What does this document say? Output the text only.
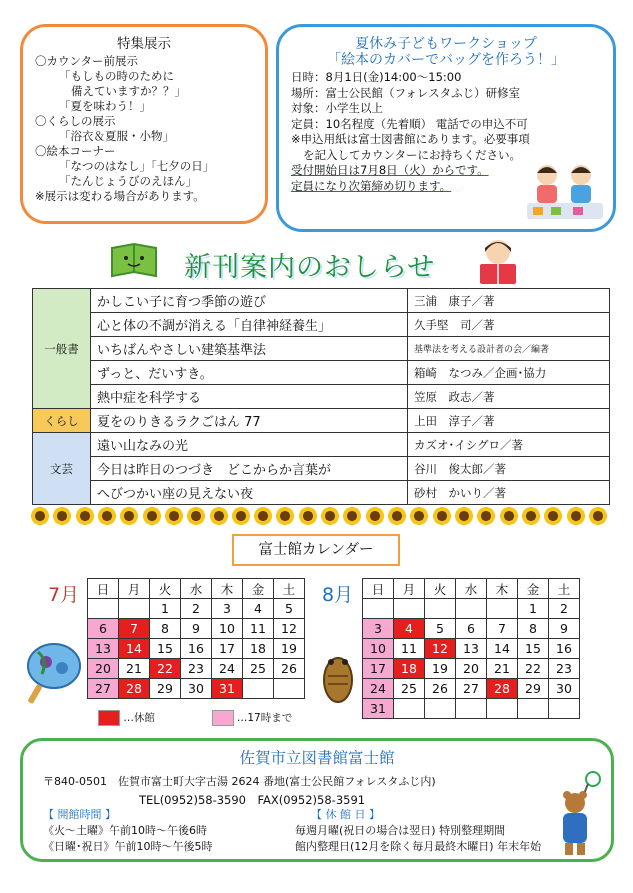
特集展示
〇カウンター前展示
「もしもの時のために
備えていますか？？」
「夏を味わう！」
〇くらしの展示
「浴衣＆夏服・小物」
〇絵本コーナー
「なつのはなし」「七夕の日」
「たんじょうびのえほん」
※展示は変わる場合があります。
夏休み子どもワークショップ
「絵本のカバーでバッグを作ろう！」
日時：8月1日(金)14:00～15:00
場所：富士公民館（フォレスタふじ）研修室
対象：小学生以上
定員：10名程度（先着順） 電話での申込不可
※申込用紙は富士図書館にあります。必要事項
を記入してカウンターにお持ちください。
受付開始日は7月8日（火）からです。
定員になり次第締め切ります。
新刊案内のおしらせ
一般書	かしこい子に育つ季節の遊び	三浦　康子／著
	心と体の不調が消える「自律神経養生」	久手堅　司／著
	いちばんやさしい建築基準法	基準法を考える設計者の会／編著
	ずっと、だいすき。	箱崎　なつみ／企画･協力
	熱中症を科学する	笠原　政志／著
くらし	夏をのりきるラクごはん 77	上田　淳子／著
文芸	遠い山なみの光	カズオ･イシグロ／著
	今日は昨日のつづき　どこからか言葉が	谷川　俊太郎／著
	へびつかい座の見えない夜	砂村　かいり／著
富士館カレンダー
7月	8月
日	月	火	水	木	金	土
		1	2	3	4	5
6	7	8	9	10	11	12
13	14	15	16	17	18	19
20	21	22	23	24	25	26
27	28	29	30	31		
日	月	火	水	木	金	土
					1	2
3	4	5	6	7	8	9
10	11	12	13	14	15	16
17	18	19	20	21	22	23
24	25	26	27	28	29	30
31						
…休館	…17時まで
佐賀市立図書館富士館
〒840-0501　佐賀市富士町大字古湯 2624 番地(富士公民館フォレスタふじ内)
TEL(0952)58-3590　FAX(0952)58-3591
【 開館時間 】
《火～土曜》午前10時～午後6時
《日曜･祝日》午前10時～午後5時
【 休 館 日 】
毎週月曜(祝日の場合は翌日) 特別整理期間
館内整理日(12月を除く毎月最終木曜日) 年末年始
